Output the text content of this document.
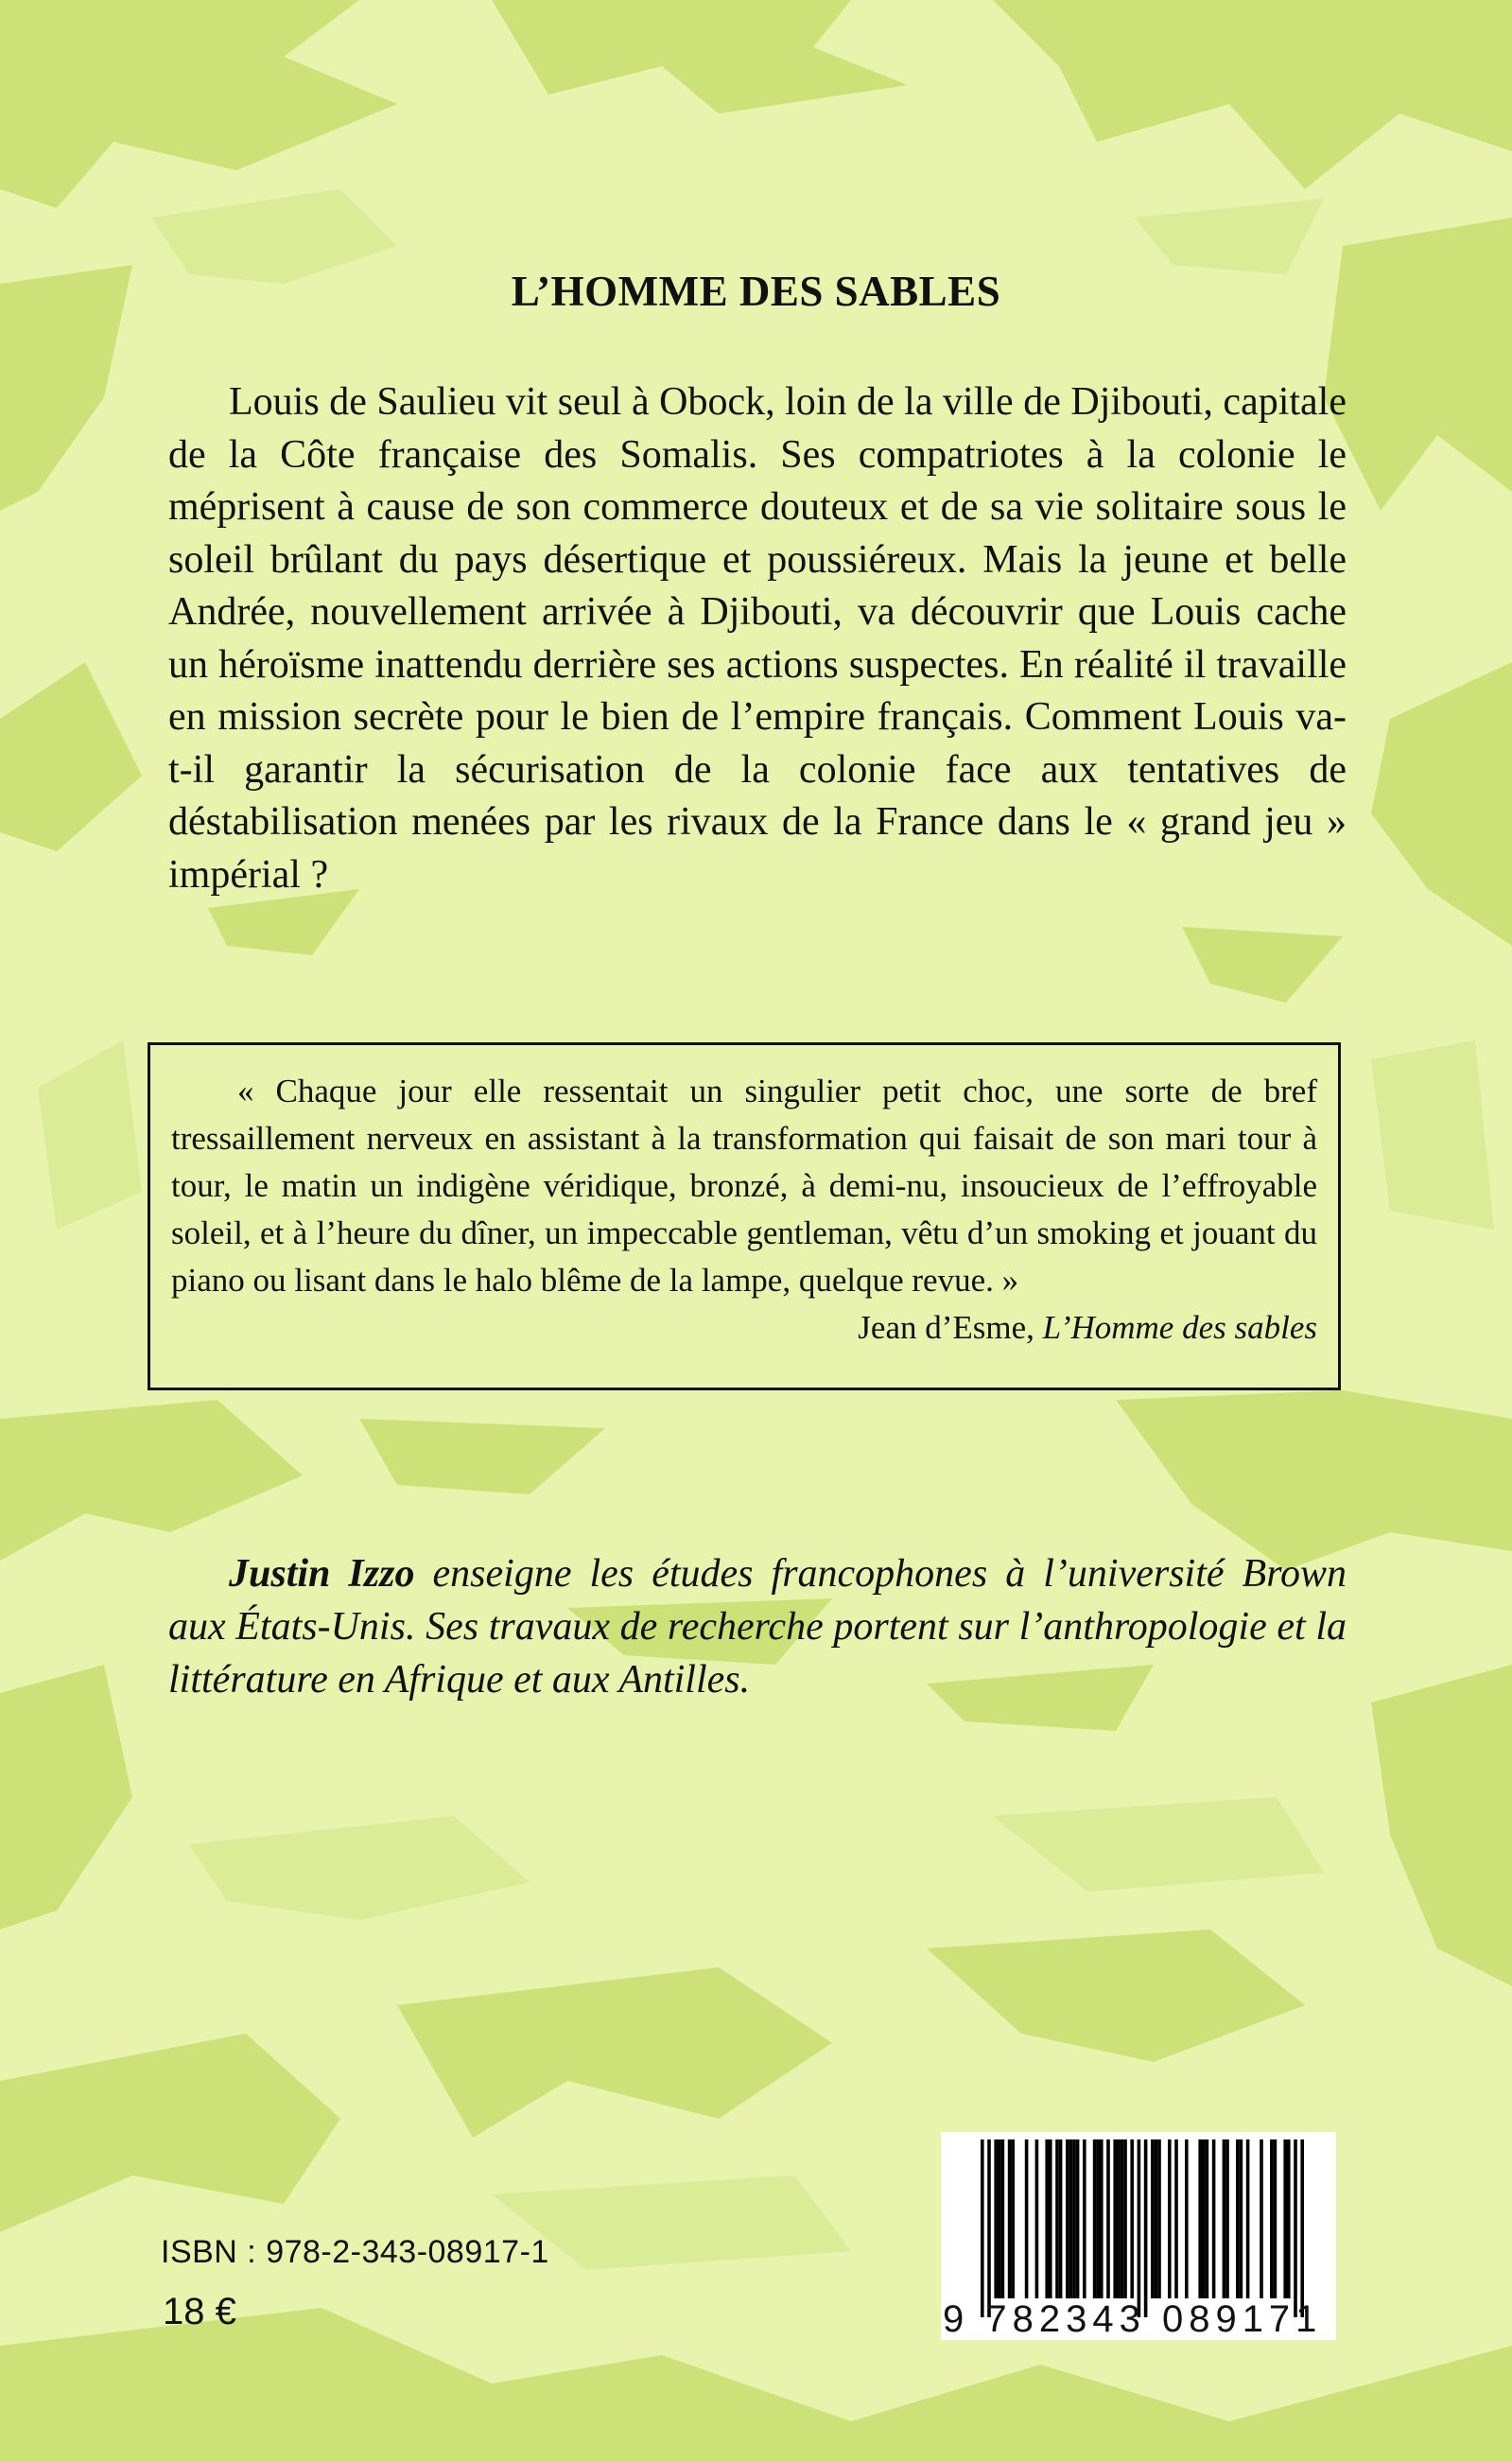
L’HOMME DES SABLES

Louis de Saulieu vit seul à Obock, loin de la ville de Djibouti, capitale de la Côte française des Somalis. Ses compatriotes à la colonie le méprisent à cause de son commerce douteux et de sa vie solitaire sous le soleil brûlant du pays désertique et poussiéreux. Mais la jeune et belle Andrée, nouvellement arrivée à Djibouti, va découvrir que Louis cache un héroïsme inattendu derrière ses actions suspectes. En réalité il travaille en mission secrète pour le bien de l’empire français. Comment Louis va-t-il garantir la sécurisation de la colonie face aux tentatives de déstabilisation menées par les rivaux de la France dans le « grand jeu » impérial ?

« Chaque jour elle ressentait un singulier petit choc, une sorte de bref tressaillement nerveux en assistant à la transformation qui faisait de son mari tour à tour, le matin un indigène véridique, bronzé, à demi-nu, insoucieux de l’effroyable soleil, et à l’heure du dîner, un impeccable gentleman, vêtu d’un smoking et jouant du piano ou lisant dans le halo blême de la lampe, quelque revue. »

Jean d’Esme, L’Homme des sables

Justin Izzo enseigne les études francophones à l’université Brown aux États-Unis. Ses travaux de recherche portent sur l’anthropologie et la littérature en Afrique et aux Antilles.

ISBN : 978-2-343-08917-1
18 €	9 782343 089171
